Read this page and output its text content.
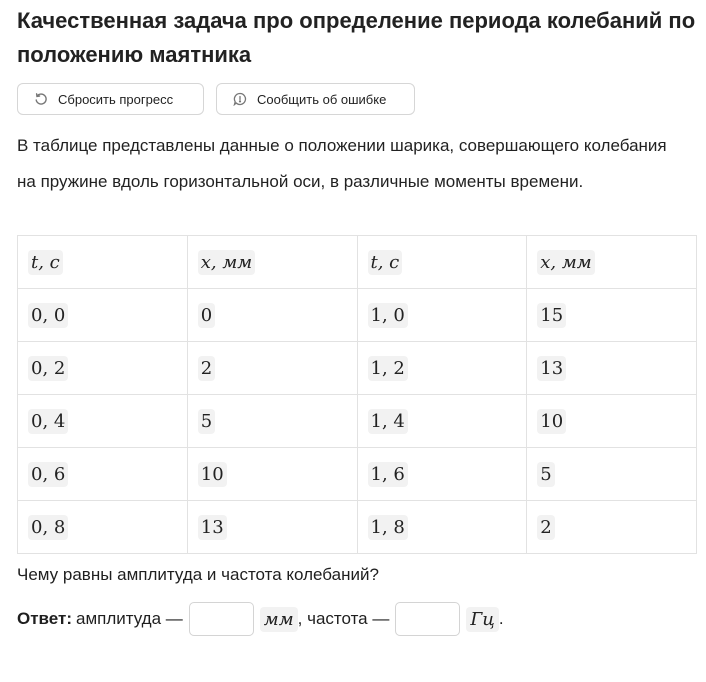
Качественная задача про определение периода колебаний по положению маятника
Сбросить прогресс	Сообщить об ошибке
В таблице представлены данные о положении шарика, совершающего колебания на пружине вдоль горизонтальной оси, в различные моменты времени.
t, c	x, мм	t, c	x, мм
0, 0	0	1, 0	15
0, 2	2	1, 2	13
0, 4	5	1, 4	10
0, 6	10	1, 6	5
0, 8	13	1, 8	2
Чему равны амплитуда и частота колебаний?
Ответ: амплитуда —	мм , частота —	Гц .
